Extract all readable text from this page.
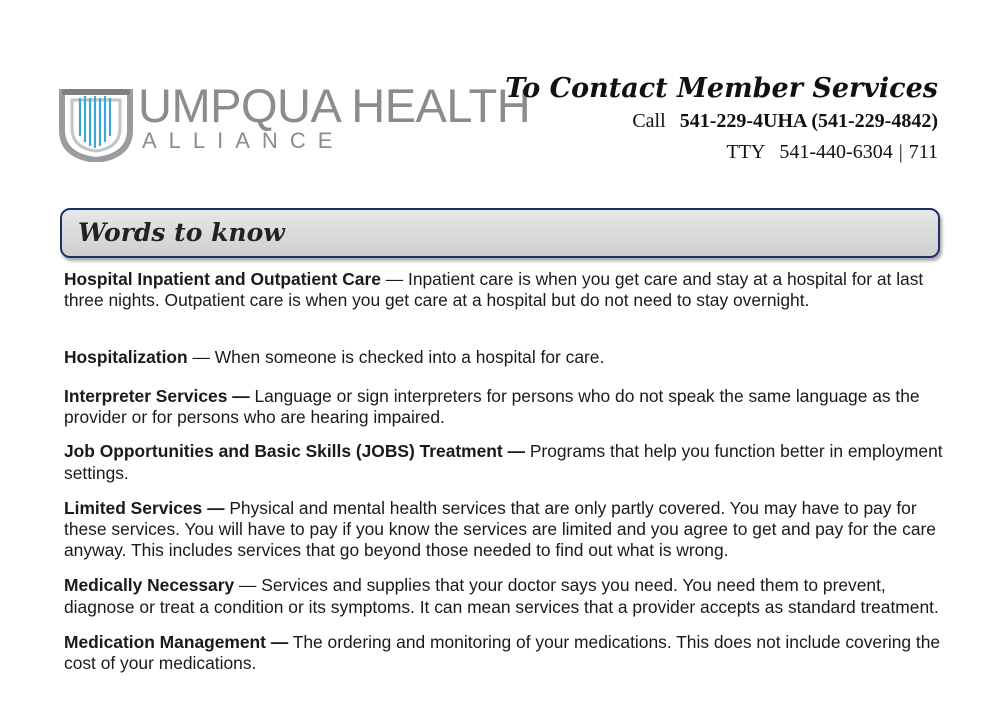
UMPQUA HEALTH
ALLIANCE
To Contact Member Services
Call 541-229-4UHA (541-229-4842)
TTY 541-440-6304 | 711
Words to know

Hospital Inpatient and Outpatient Care — Inpatient care is when you get care and stay at a hospital for at last three nights. Outpatient care is when you get care at a hospital but do not need to stay overnight.

Hospitalization — When someone is checked into a hospital for care.

Interpreter Services — Language or sign interpreters for persons who do not speak the same language as the provider or for persons who are hearing impaired.

Job Opportunities and Basic Skills (JOBS) Treatment — Programs that help you function better in employment settings.

Limited Services — Physical and mental health services that are only partly covered. You may have to pay for these services. You will have to pay if you know the services are limited and you agree to get and pay for the care anyway. This includes services that go beyond those needed to find out what is wrong.

Medically Necessary — Services and supplies that your doctor says you need. You need them to prevent, diagnose or treat a condition or its symptoms. It can mean services that a provider accepts as standard treatment.

Medication Management — The ordering and monitoring of your medications. This does not include covering the cost of your medications.
